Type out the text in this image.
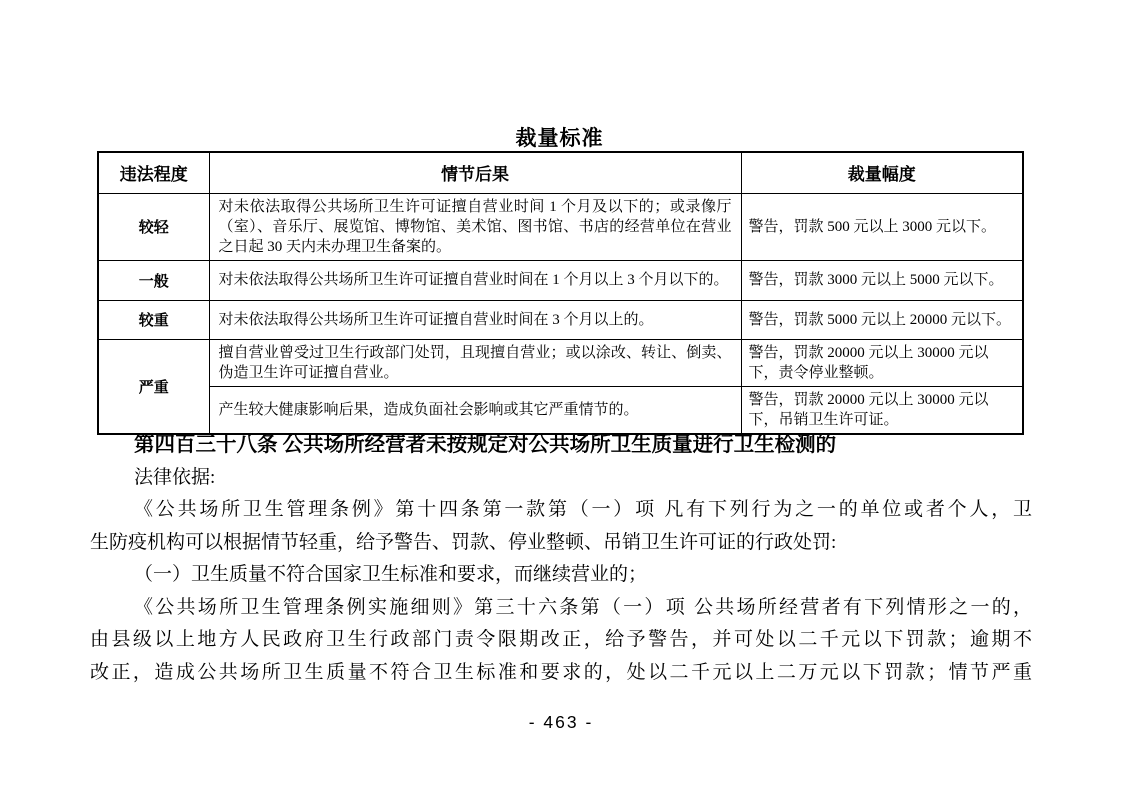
裁量标准
违法程度	情节后果	裁量幅度
较轻	对未依法取得公共场所卫生许可证擅自营业时间 1 个月及以下的；或录像厅（室）、音乐厅、展览馆、博物馆、美术馆、图书馆、书店的经营单位在营业之日起 30 天内未办理卫生备案的。	警告，罚款 500 元以上 3000 元以下。
一般	对未依法取得公共场所卫生许可证擅自营业时间在 1 个月以上 3 个月以下的。	警告，罚款 3000 元以上 5000 元以下。
较重	对未依法取得公共场所卫生许可证擅自营业时间在 3 个月以上的。	警告，罚款 5000 元以上 20000 元以下。
严重	擅自营业曾受过卫生行政部门处罚，且现擅自营业；或以涂改、转让、倒卖、伪造卫生许可证擅自营业。	警告，罚款 20000 元以上 30000 元以下，责令停业整顿。
	产生较大健康影响后果，造成负面社会影响或其它严重情节的。	警告，罚款 20000 元以上 30000 元以下，吊销卫生许可证。
第四百三十八条 公共场所经营者未按规定对公共场所卫生质量进行卫生检测的
法律依据:
《公共场所卫生管理条例》第十四条第一款第（一）项 凡有下列行为之一的单位或者个人，卫
生防疫机构可以根据情节轻重，给予警告、罚款、停业整顿、吊销卫生许可证的行政处罚:
（一）卫生质量不符合国家卫生标准和要求，而继续营业的；
《公共场所卫生管理条例实施细则》第三十六条第（一）项 公共场所经营者有下列情形之一的，
由县级以上地方人民政府卫生行政部门责令限期改正，给予警告，并可处以二千元以下罚款；逾期不
改正，造成公共场所卫生质量不符合卫生标准和要求的，处以二千元以上二万元以下罚款；情节严重
- 463 -
